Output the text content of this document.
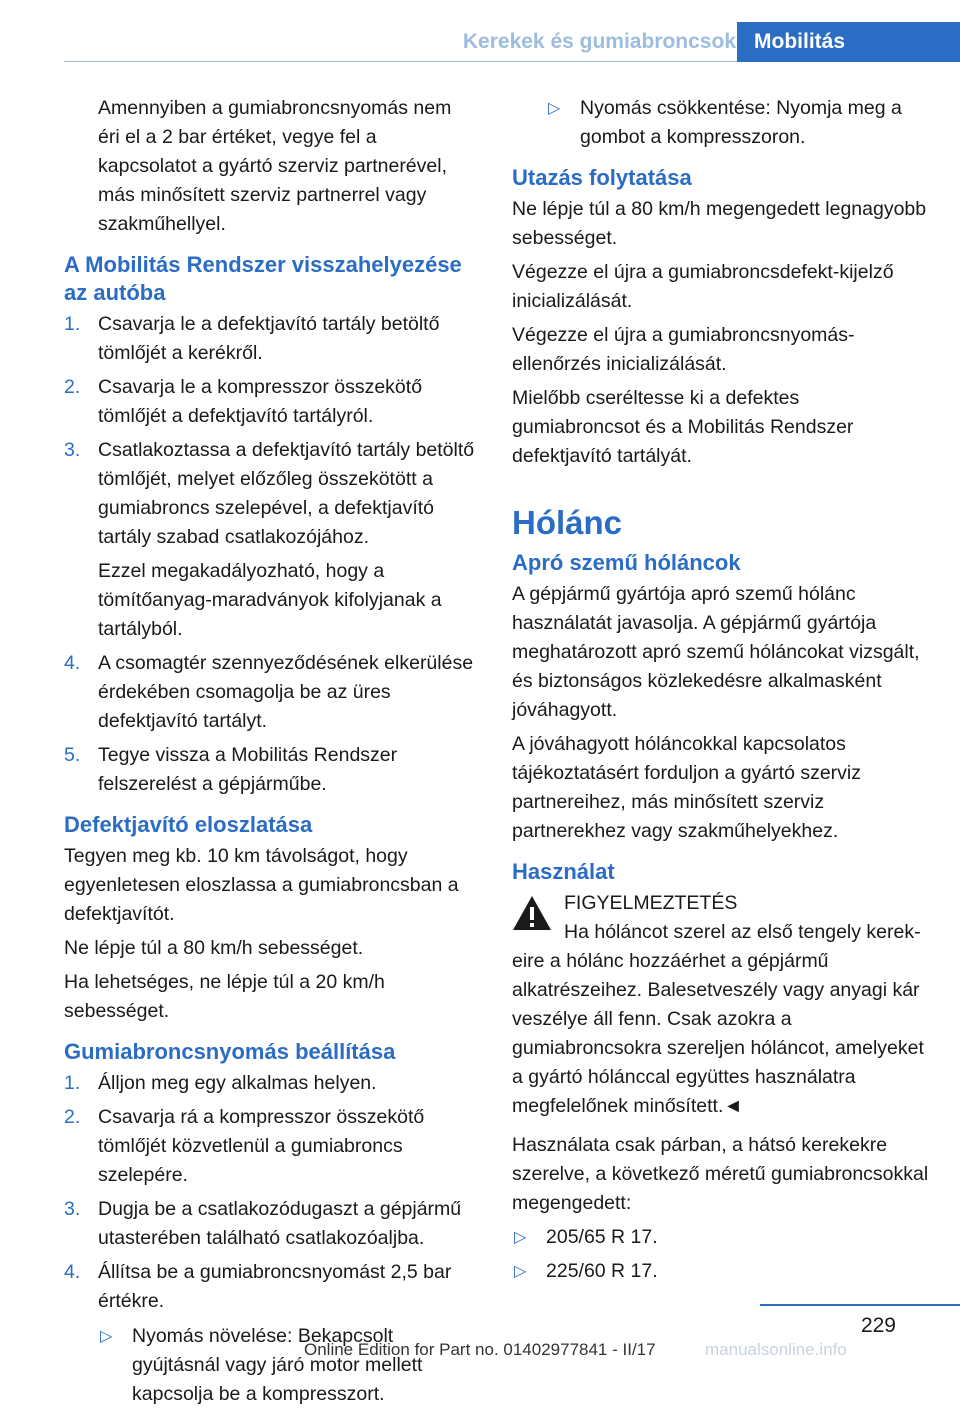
Kerekek és gumiabroncsok Mobilitás

Amennyiben a gumiabroncsnyomás nem éri el a 2 bar értéket, vegye fel a kapcsolatot a gyártó szerviz partnerével, más minősített szerviz partnerrel vagy szakműhellyel.

A Mobilitás Rendszer visszahelyezése az autóba
1. Csavarja le a defektjavító tartály betöltő tömlőjét a kerékről.
2. Csavarja le a kompresszor összekötő tömlőjét a defektjavító tartályról.
3. Csatlakoztassa a defektjavító tartály betöltő tömlőjét, melyet előzőleg összekötött a gumiabroncs szelepével, a defektjavító tartály szabad csatlakozójához.

Ezzel megakadályozható, hogy a tömítőanyag-maradványok kifolyjanak a tartályból.

4. A csomagtér szennyeződésének elkerülése érdekében csomagolja be az üres defektjavító tartályt.
5. Tegye vissza a Mobilitás Rendszer felszerelést a gépjárműbe.
Defektjavító eloszlatása

Tegyen meg kb. 10 km távolságot, hogy egyenletesen eloszlassa a gumiabroncsban a defektjavítót.

Ne lépje túl a 80 km/h sebességet.

Ha lehetséges, ne lépje túl a 20 km/h sebességet.

Gumiabroncsnyomás beállítása
1. Álljon meg egy alkalmas helyen.
2. Csavarja rá a kompresszor összekötő tömlőjét közvetlenül a gumiabroncs szelepére.
3. Dugja be a csatlakozódugaszt a gépjármű utasterében található csatlakozóaljba.
4. Állítsa be a gumiabroncsnyomást 2,5 bar értékre.
▷ Nyomás növelése: Bekapcsolt gyújtásnál vagy járó motor mellett kapcsolja be a kompresszort.
▷ Nyomás csökkentése: Nyomja meg a gombot a kompresszoron.
Utazás folytatása

Ne lépje túl a 80 km/h megengedett legnagyobb sebességet.

Végezze el újra a gumiabroncsdefekt-kijelző inicializálását.

Végezze el újra a gumiabroncsnyomás-ellenőrzés inicializálását.

Mielőbb cseréltesse ki a defektes gumiabroncsot és a Mobilitás Rendszer defektjavító tartályát.

Hólánc
Apró szemű hóláncok

A gépjármű gyártója apró szemű hólánc használatát javasolja. A gépjármű gyártója meghatározott apró szemű hóláncokat vizsgált, és biztonságos közlekedésre alkalmasként jóváhagyott.

A jóváhagyott hóláncokkal kapcsolatos tájékoztatásért forduljon a gyártó szerviz partnereihez, más minősített szerviz partnerekhez vagy szakműhelyekhez.

Használat
FIGYELMEZTETÉS
Ha hóláncot szerel az első tengely kerek-

eire a hólánc hozzáérhet a gépjármű alkatrészeihez. Balesetveszély vagy anyagi kár veszélye áll fenn. Csak azokra a gumiabroncsokra szereljen hóláncot, amelyeket a gyártó hólánccal együttes használatra megfelelőnek minősített.◄

Használata csak párban, a hátsó kerekekre szerelve, a következő méretű gumiabroncsokkal megengedett:

▷ 205/65 R 17.
▷ 225/60 R 17.
229
Online Edition for Part no. 01402977841 - II/17	manualsonline.info
